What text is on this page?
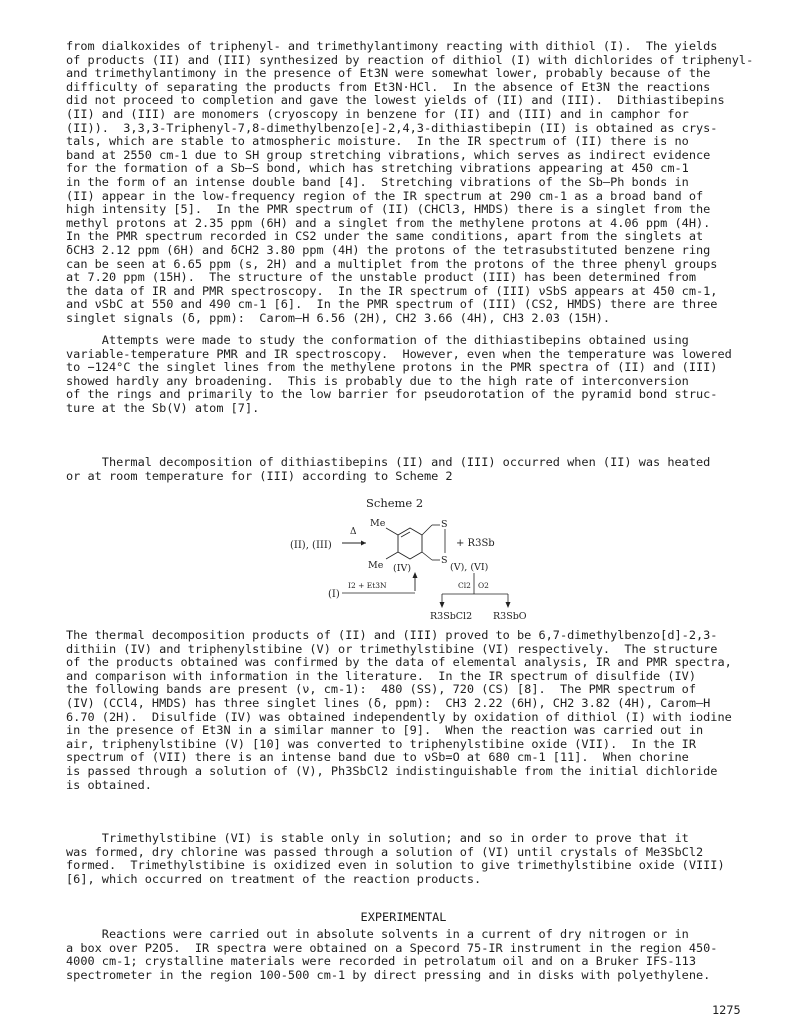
from dialkoxides of triphenyl- and trimethylantimony reacting with dithiol (I).  The yields
of products (II) and (III) synthesized by reaction of dithiol (I) with dichlorides of triphenyl-
and trimethylantimony in the presence of Et3N were somewhat lower, probably because of the
difficulty of separating the products from Et3N·HCl.  In the absence of Et3N the reactions
did not proceed to completion and gave the lowest yields of (II) and (III).  Dithiastibepins
(II) and (III) are monomers (cryoscopy in benzene for (II) and (III) and in camphor for
(II)).  3,3,3-Triphenyl-7,8-dimethylbenzo[e]-2,4,3-dithiastibepin (II) is obtained as crys-
tals, which are stable to atmospheric moisture.  In the IR spectrum of (II) there is no
band at 2550 cm-1 due to SH group stretching vibrations, which serves as indirect evidence
for the formation of a Sb–S bond, which has stretching vibrations appearing at 450 cm-1
in the form of an intense double band [4].  Stretching vibrations of the Sb–Ph bonds in
(II) appear in the low-frequency region of the IR spectrum at 290 cm-1 as a broad band of
high intensity [5].  In the PMR spectrum of (II) (CHCl3, HMDS) there is a singlet from the
methyl protons at 2.35 ppm (6H) and a singlet from the methylene protons at 4.06 ppm (4H).
In the PMR spectrum recorded in CS2 under the same conditions, apart from the singlets at
δCH3 2.12 ppm (6H) and δCH2 3.80 ppm (4H) the protons of the tetrasubstituted benzene ring
can be seen at 6.65 ppm (s, 2H) and a multiplet from the protons of the three phenyl groups
at 7.20 ppm (15H).  The structure of the unstable product (III) has been determined from
the data of IR and PMR spectroscopy.  In the IR spectrum of (III) νSbS appears at 450 cm-1,
and νSbC at 550 and 490 cm-1 [6].  In the PMR spectrum of (III) (CS2, HMDS) there are three
singlet signals (δ, ppm):  Carom–H 6.56 (2H), CH2 3.66 (4H), CH3 2.03 (15H).
Attempts were made to study the conformation of the dithiastibepins obtained using
variable-temperature PMR and IR spectroscopy.  However, even when the temperature was lowered
to −124°C the singlet lines from the methylene protons in the PMR spectra of (II) and (III)
showed hardly any broadening.  This is probably due to the high rate of interconversion
of the rings and primarily to the low barrier for pseudorotation of the pyramid bond struc-
ture at the Sb(V) atom [7].
Thermal decomposition of dithiastibepins (II) and (III) occurred when (II) was heated
or at room temperature for (III) according to Scheme 2
Scheme 2
(II), (III)
Δ
Me
Me
S
S
(IV)
+ R3Sb
(V), (VI)
I2 + Et3N
(I)
Cl2 O2
R3SbCl2 R3SbO
The thermal decomposition products of (II) and (III) proved to be 6,7-dimethylbenzo[d]-2,3-
dithiin (IV) and triphenylstibine (V) or trimethylstibine (VI) respectively.  The structure
of the products obtained was confirmed by the data of elemental analysis, IR and PMR spectra,
and comparison with information in the literature.  In the IR spectrum of disulfide (IV)
the following bands are present (ν, cm-1):  480 (SS), 720 (CS) [8].  The PMR spectrum of
(IV) (CCl4, HMDS) has three singlet lines (δ, ppm):  CH3 2.22 (6H), CH2 3.82 (4H), Carom–H
6.70 (2H).  Disulfide (IV) was obtained independently by oxidation of dithiol (I) with iodine
in the presence of Et3N in a similar manner to [9].  When the reaction was carried out in
air, triphenylstibine (V) [10] was converted to triphenylstibine oxide (VII).  In the IR
spectrum of (VII) there is an intense band due to νSb=O at 680 cm-1 [11].  When chorine
is passed through a solution of (V), Ph3SbCl2 indistinguishable from the initial dichloride
is obtained.
Trimethylstibine (VI) is stable only in solution; and so in order to prove that it
was formed, dry chlorine was passed through a solution of (VI) until crystals of Me3SbCl2
formed.  Trimethylstibine is oxidized even in solution to give trimethylstibine oxide (VIII)
[6], which occurred on treatment of the reaction products.
EXPERIMENTAL
Reactions were carried out in absolute solvents in a current of dry nitrogen or in
a box over P2O5.  IR spectra were obtained on a Specord 75-IR instrument in the region 450-
4000 cm-1; crystalline materials were recorded in petrolatum oil and on a Bruker IFS-113
spectrometer in the region 100-500 cm-1 by direct pressing and in disks with polyethylene.
1275
